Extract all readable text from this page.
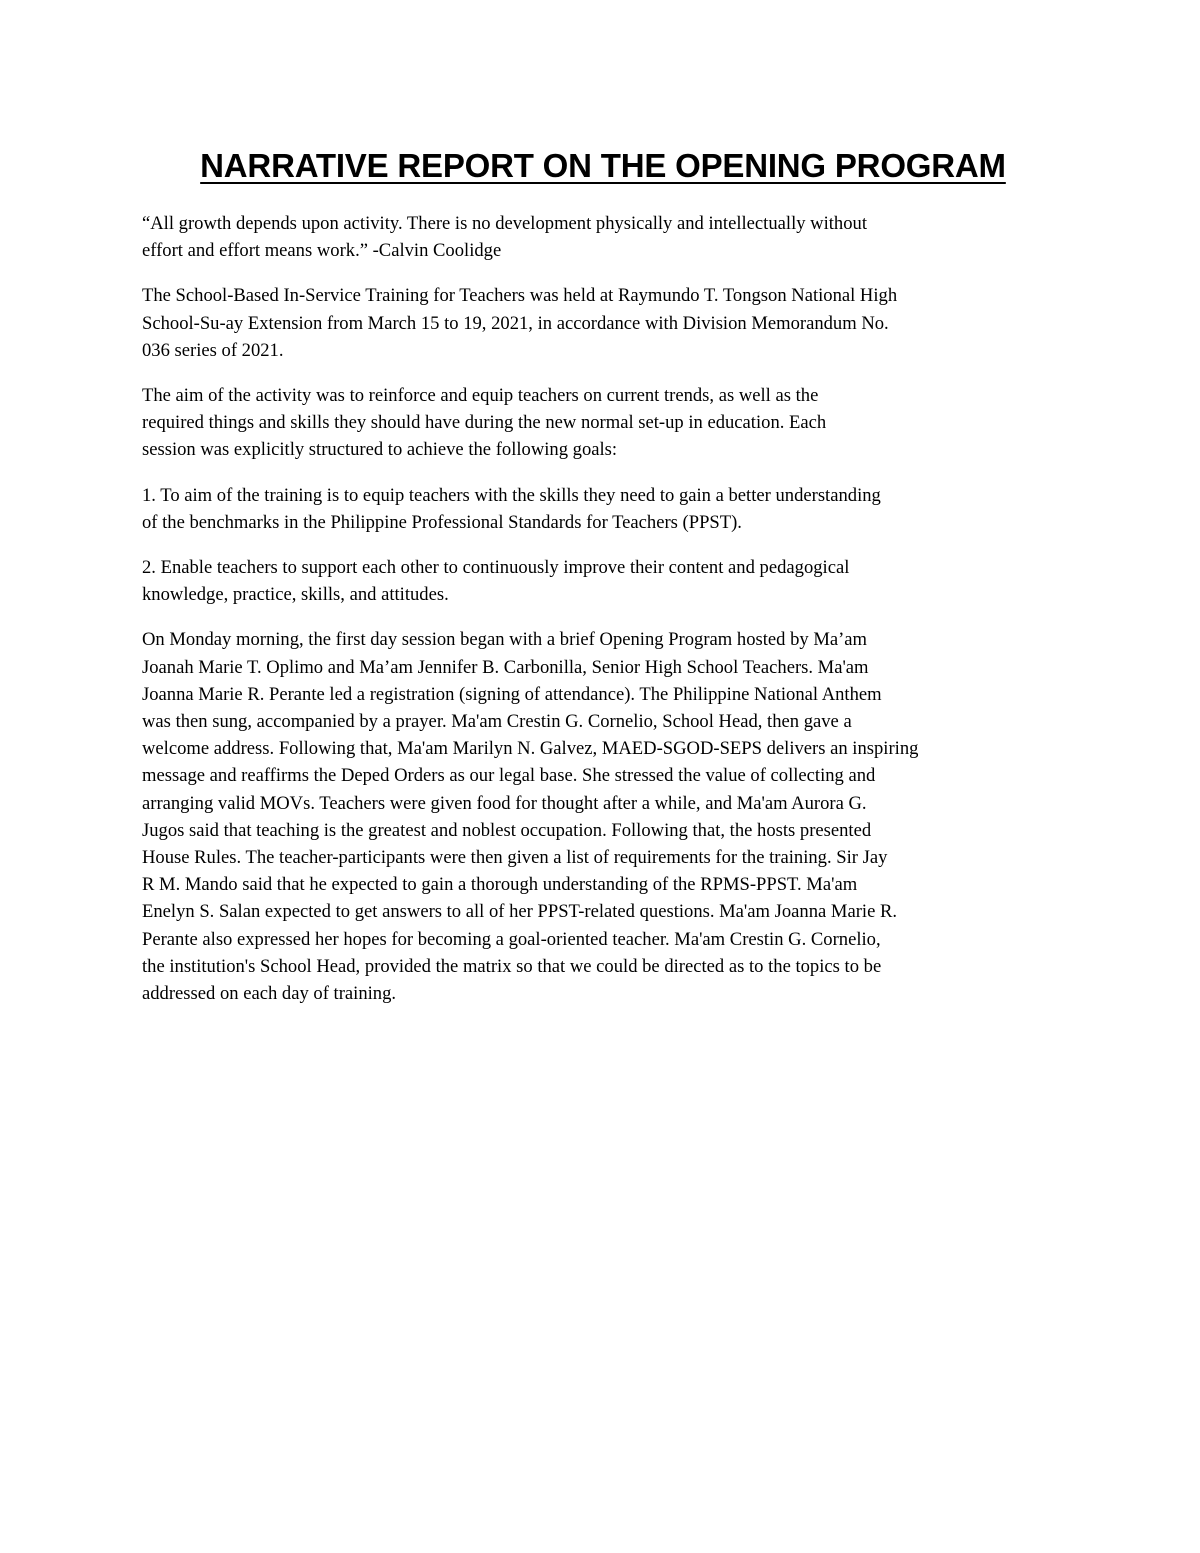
NARRATIVE REPORT ON THE OPENING PROGRAM

“All growth depends upon activity. There is no development physically and intellectually without
effort and effort means work.” -Calvin Coolidge

The School-Based In-Service Training for Teachers was held at Raymundo T. Tongson National High
School-Su-ay Extension from March 15 to 19, 2021, in accordance with Division Memorandum No.
036 series of 2021.

The aim of the activity was to reinforce and equip teachers on current trends, as well as the
required things and skills they should have during the new normal set-up in education. Each
session was explicitly structured to achieve the following goals:

1. To aim of the training is to equip teachers with the skills they need to gain a better understanding
of the benchmarks in the Philippine Professional Standards for Teachers (PPST).

2. Enable teachers to support each other to continuously improve their content and pedagogical
knowledge, practice, skills, and attitudes.

On Monday morning, the first day session began with a brief Opening Program hosted by Ma’am
Joanah Marie T. Oplimo and Ma’am Jennifer B. Carbonilla, Senior High School Teachers. Ma'am
Joanna Marie R. Perante led a registration (signing of attendance). The Philippine National Anthem
was then sung, accompanied by a prayer. Ma'am Crestin G. Cornelio, School Head, then gave a
welcome address. Following that, Ma'am Marilyn N. Galvez, MAED-SGOD-SEPS delivers an inspiring
message and reaffirms the Deped Orders as our legal base. She stressed the value of collecting and
arranging valid MOVs. Teachers were given food for thought after a while, and Ma'am Aurora G.
Jugos said that teaching is the greatest and noblest occupation. Following that, the hosts presented
House Rules. The teacher-participants were then given a list of requirements for the training. Sir Jay
R M. Mando said that he expected to gain a thorough understanding of the RPMS-PPST. Ma'am
Enelyn S. Salan expected to get answers to all of her PPST-related questions. Ma'am Joanna Marie R.
Perante also expressed her hopes for becoming a goal-oriented teacher. Ma'am Crestin G. Cornelio,
the institution's School Head, provided the matrix so that we could be directed as to the topics to be
addressed on each day of training.
